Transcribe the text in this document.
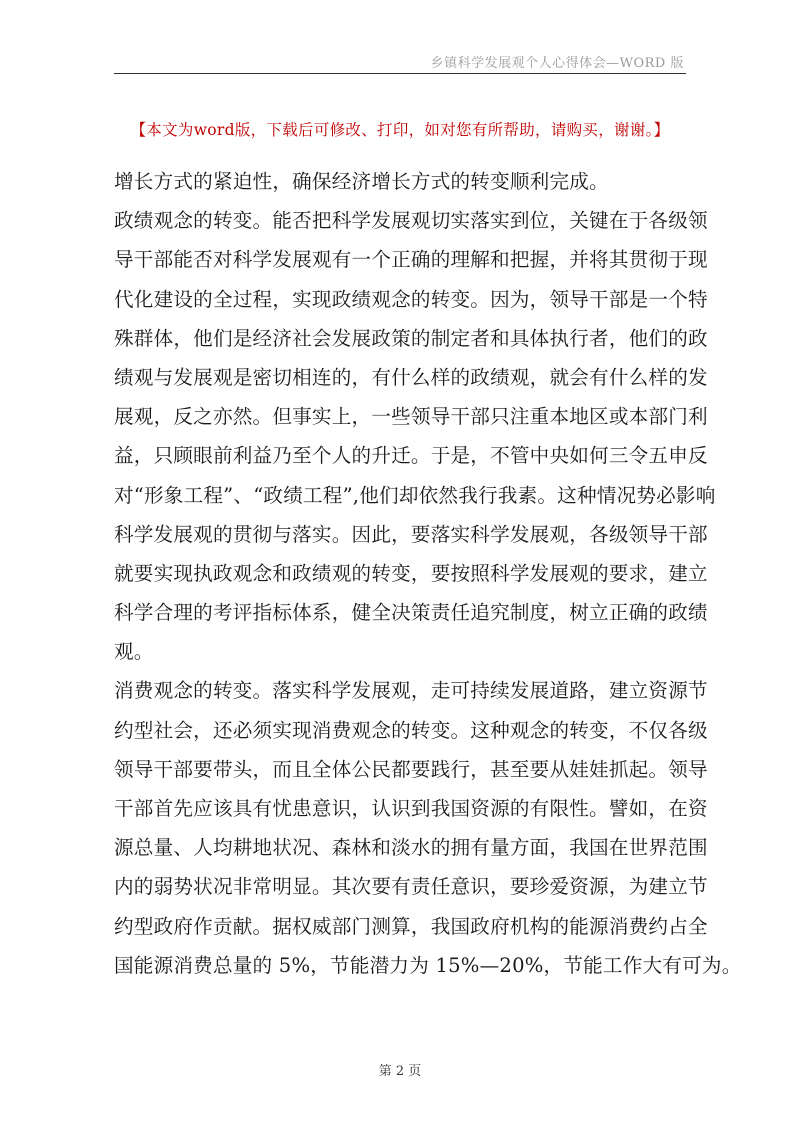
乡镇科学发展观个人心得体会—WORD 版
【本文为word版，下载后可修改、打印，如对您有所帮助，请购买，谢谢。】
增长方式的紧迫性，确保经济增长方式的转变顺利完成。
政绩观念的转变。能否把科学发展观切实落实到位，关键在于各级领
导干部能否对科学发展观有一个正确的理解和把握，并将其贯彻于现
代化建设的全过程，实现政绩观念的转变。因为，领导干部是一个特
殊群体，他们是经济社会发展政策的制定者和具体执行者，他们的政
绩观与发展观是密切相连的，有什么样的政绩观，就会有什么样的发
展观，反之亦然。但事实上，一些领导干部只注重本地区或本部门利
益，只顾眼前利益乃至个人的升迁。于是，不管中央如何三令五申反
对“形象工程”、“政绩工程”,他们却依然我行我素。这种情况势必影响
科学发展观的贯彻与落实。因此，要落实科学发展观，各级领导干部
就要实现执政观念和政绩观的转变，要按照科学发展观的要求，建立
科学合理的考评指标体系，健全决策责任追究制度，树立正确的政绩
观。
消费观念的转变。落实科学发展观，走可持续发展道路，建立资源节
约型社会，还必须实现消费观念的转变。这种观念的转变，不仅各级
领导干部要带头，而且全体公民都要践行，甚至要从娃娃抓起。领导
干部首先应该具有忧患意识，认识到我国资源的有限性。譬如，在资
源总量、人均耕地状况、森林和淡水的拥有量方面，我国在世界范围
内的弱势状况非常明显。其次要有责任意识，要珍爱资源，为建立节
约型政府作贡献。据权威部门测算，我国政府机构的能源消费约占全
国能源消费总量的 5%，节能潜力为 15%—20%，节能工作大有可为。
第 2 页
